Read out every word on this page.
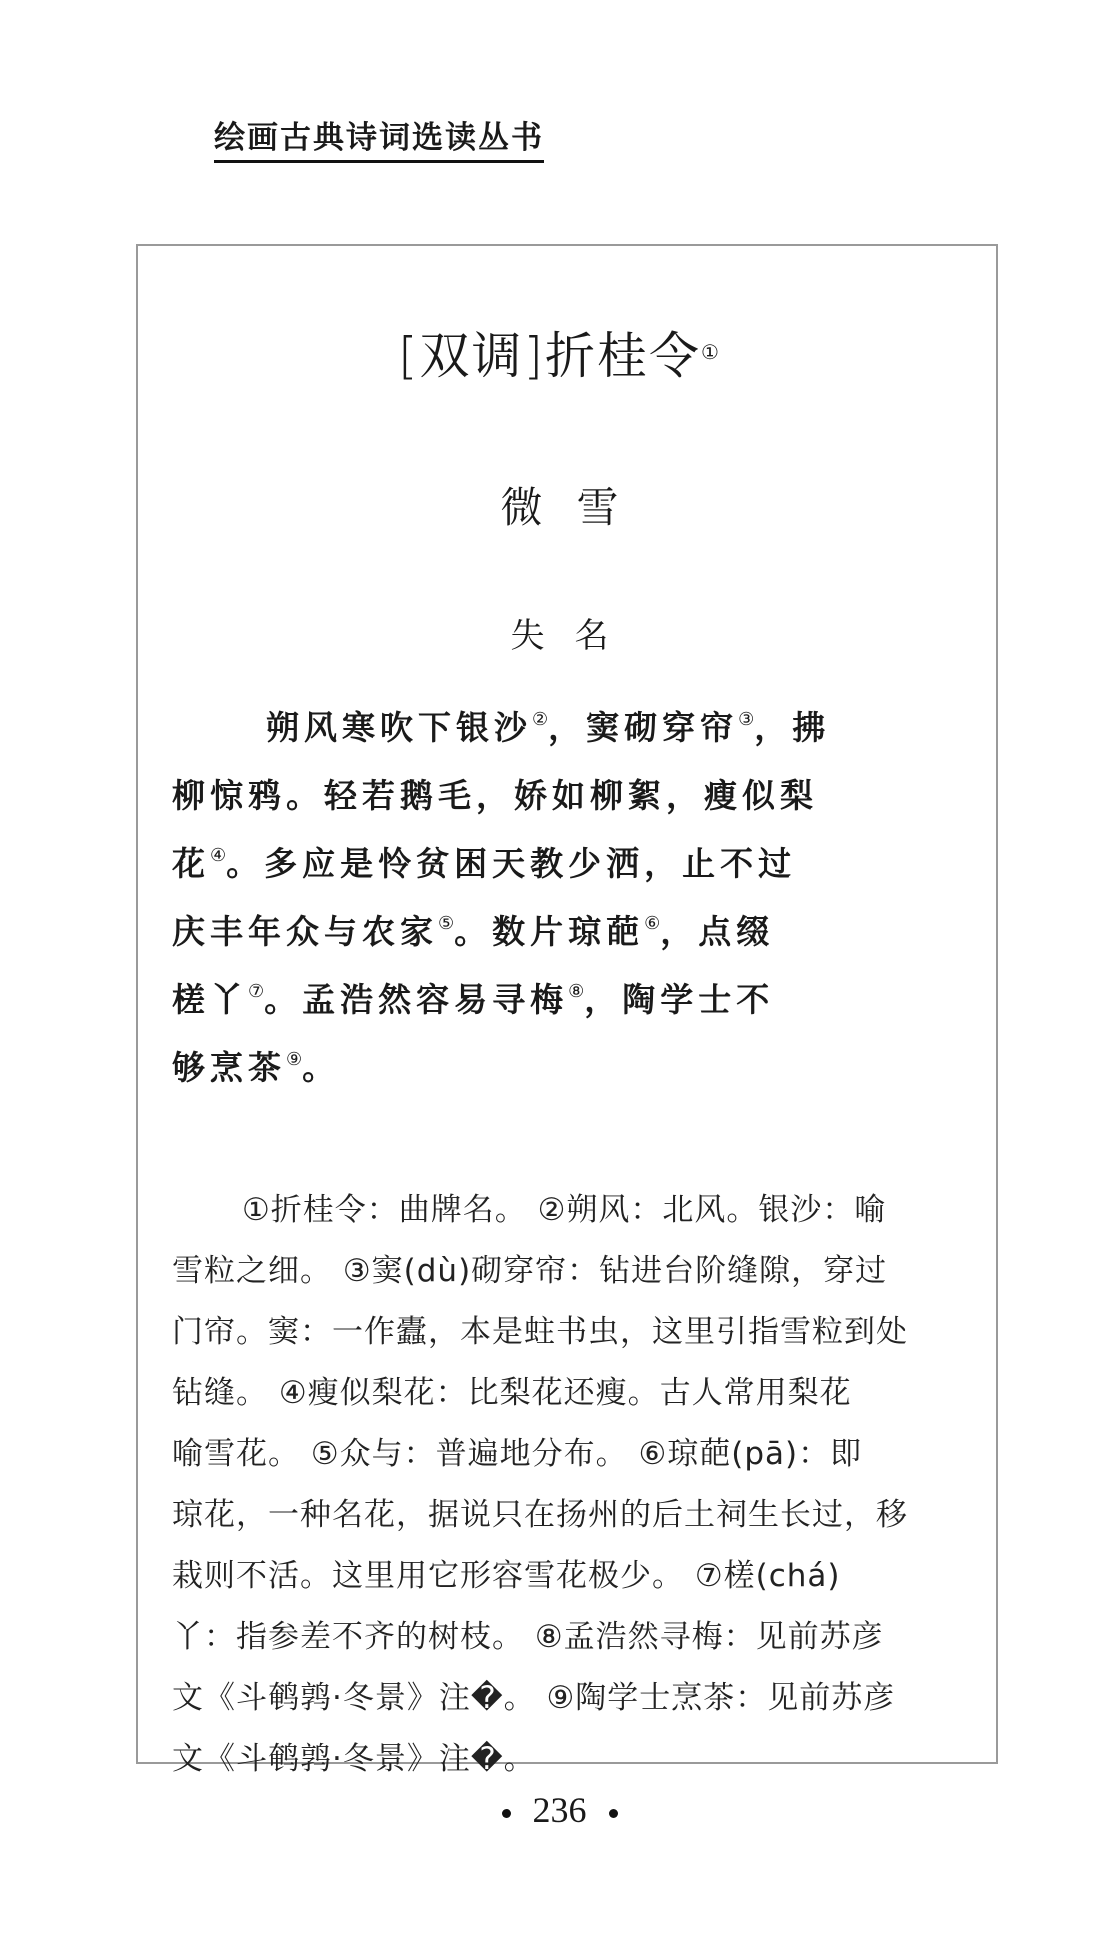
绘画古典诗词选读丛书
[双调]折桂令①
微雪
失名
朔风寒吹下银沙②，窦砌穿帘③，拂
柳惊鸦。轻若鹅毛，娇如柳絮，瘦似梨
花④。多应是怜贫困天教少洒，止不过
庆丰年众与农家⑤。数片琼葩⑥，点缀
槎丫⑦。孟浩然容易寻梅⑧，陶学士不
够烹茶⑨。
①折桂令：曲牌名。 ②朔风：北风。银沙：喻
雪粒之细。 ③窦(dù)砌穿帘：钻进台阶缝隙，穿过
门帘。窦：一作蠹，本是蛀书虫，这里引指雪粒到处
钻缝。 ④瘦似梨花：比梨花还瘦。古人常用梨花
喻雪花。 ⑤众与：普遍地分布。 ⑥琼葩(pā)：即
琼花，一种名花，据说只在扬州的后土祠生长过，移
栽则不活。这里用它形容雪花极少。 ⑦槎(chá)
丫：指参差不齐的树枝。 ⑧孟浩然寻梅：见前苏彦
文《斗鹌鹑·冬景》注�。 ⑨陶学士烹茶：见前苏彦
文《斗鹌鹑·冬景》注�。
236
